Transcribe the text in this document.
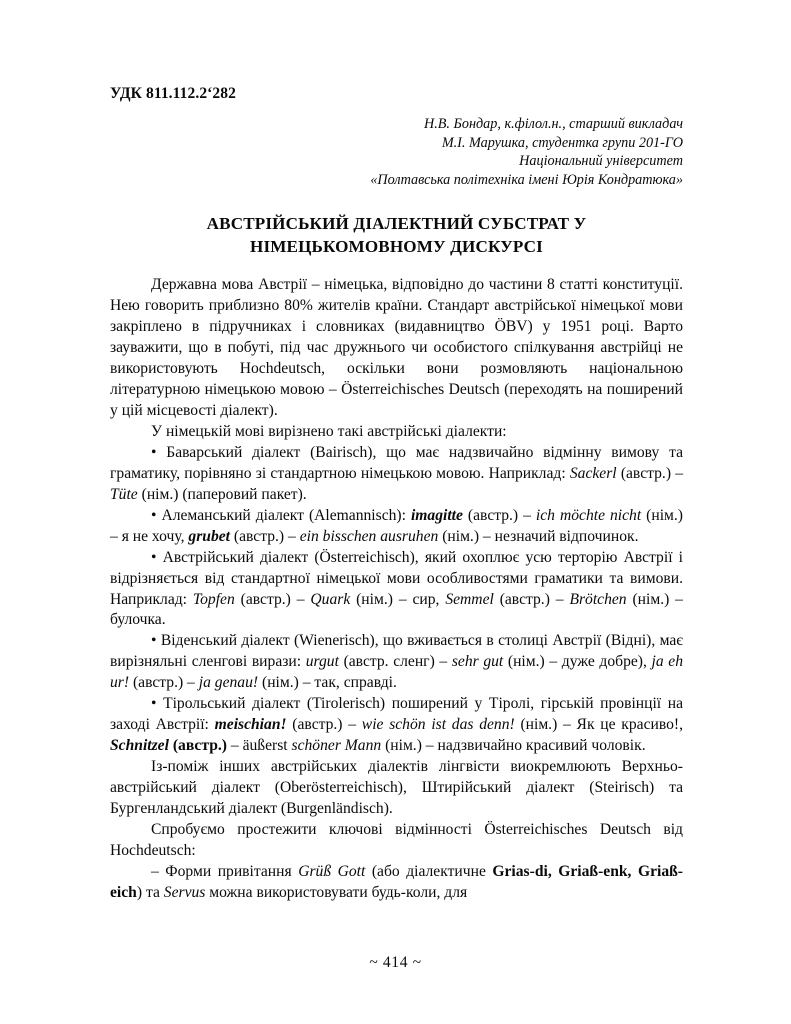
УДК 811.112.2‘282
Н.В. Бондар, к.філол.н., старший викладач
М.І. Марушка, студентка групи 201-ГО
Національний університет
«Полтавська політехніка імені Юрія Кондратюка»
АВСТРІЙСЬКИЙ ДІАЛЕКТНИЙ СУБСТРАТ У
НІМЕЦЬКОМОВНОМУ ДИСКУРСІ

Державна мова Австрії – німецька, відповідно до частини 8 статті конституції. Нею говорить приблизно 80% жителів країни. Стандарт австрійської німецької мови закріплено в підручниках і словниках (видавництво ÖBV) у 1951 році. Варто зауважити, що в побуті, під час дружнього чи особистого спілкування австрійці не використовують Hochdeutsch, оскільки вони розмовляють національною літературною німецькою мовою – Österreichisches Deutsch (переходять на поширений у цій місцевості діалект).

У німецькій мові вирізнено такі австрійські діалекти:

• Баварський діалект (Bairisch), що має надзвичайно відмінну вимову та граматику, порівняно зі стандартною німецькою мовою. Наприклад: Sackerl (австр.) – Tüte (нім.) (паперовий пакет).

• Алеманський діалект (Alemannisch): imagitte (австр.) – ich möchte nicht (нім.) – я не хочу, grubet (австр.) – ein bisschen ausruhen (нім.) – незначий відпочинок.

• Австрійський діалект (Österreichisch), який охоплює усю терторію Австрії і відрізняється від стандартної німецької мови особливостями граматики та вимови. Наприклад: Topfen (австр.) – Quark (нім.) – сир, Semmel (австр.) – Brötchen (нім.) – булочка.

• Віденський діалект (Wienerisch), що вживається в столиці Австрії (Відні), має вирізняльні сленгові вирази: urgut (австр. сленг) – sehr gut (нім.) – дуже добре), ja eh ur! (австр.) – ja genau! (нім.) – так, справді.

• Тірольський діалект (Tirolerisch) поширений у Тіролі, гірській провінції на заході Австрії: meischian! (австр.) – wie schön ist das denn! (нім.) – Як це красиво!, Schnitzel (австр.) – äußerst schöner Mann (нім.) – надзвичайно красивий чоловік.

Із-поміж інших австрійських діалектів лінгвісти виокремлюють Верхньо-австрійський діалект (Oberösterreichisch), Штирійський діалект (Steirisch) та Бургенландський діалект (Burgenländisch).

Спробуємо простежити ключові відмінності Österreichisches Deutsch від Hochdeutsch:

– Форми привітання Grüß Gott (або діалектичне Grias-di, Griaß-enk, Griaß-eich) та Servus можна використовувати будь-коли, для

~ 414 ~
